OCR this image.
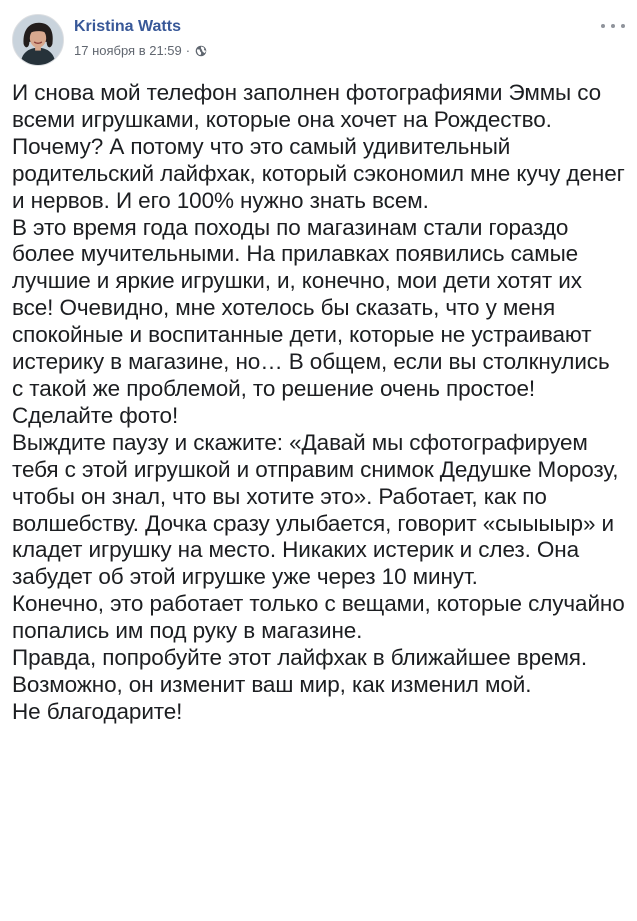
Kristina Watts
17 ноября в 21:59 ·

И снова мой телефон заполнен фотографиями Эммы со всеми игрушками, которые она хочет на Рождество. Почему? А потому что это самый удивительный родительский лайфхак, который сэкономил мне кучу денег и нервов. И его 100% нужно знать всем.

В это время года походы по магазинам стали гораздо более мучительными. На прилавках появились самые лучшие и яркие игрушки, и, конечно, мои дети хотят их все! Очевидно, мне хотелось бы сказать, что у меня спокойные и воспитанные дети, которые не устраивают истерику в магазине, но… В общем, если вы столкнулись с такой же проблемой, то решение очень простое!

Сделайте фото!

Выждите паузу и скажите: «Давай мы сфотографируем тебя с этой игрушкой и отправим снимок Дедушке Морозу, чтобы он знал, что вы хотите это». Работает, как по волшебству. Дочка сразу улыбается, говорит «сыыыыр» и кладет игрушку на место. Никаких истерик и слез. Она забудет об этой игрушке уже через 10 минут.

Конечно, это работает только с вещами, которые случайно попались им под руку в магазине.

Правда, попробуйте этот лайфхак в ближайшее время. Возможно, он изменит ваш мир, как изменил мой.

Не благодарите!
